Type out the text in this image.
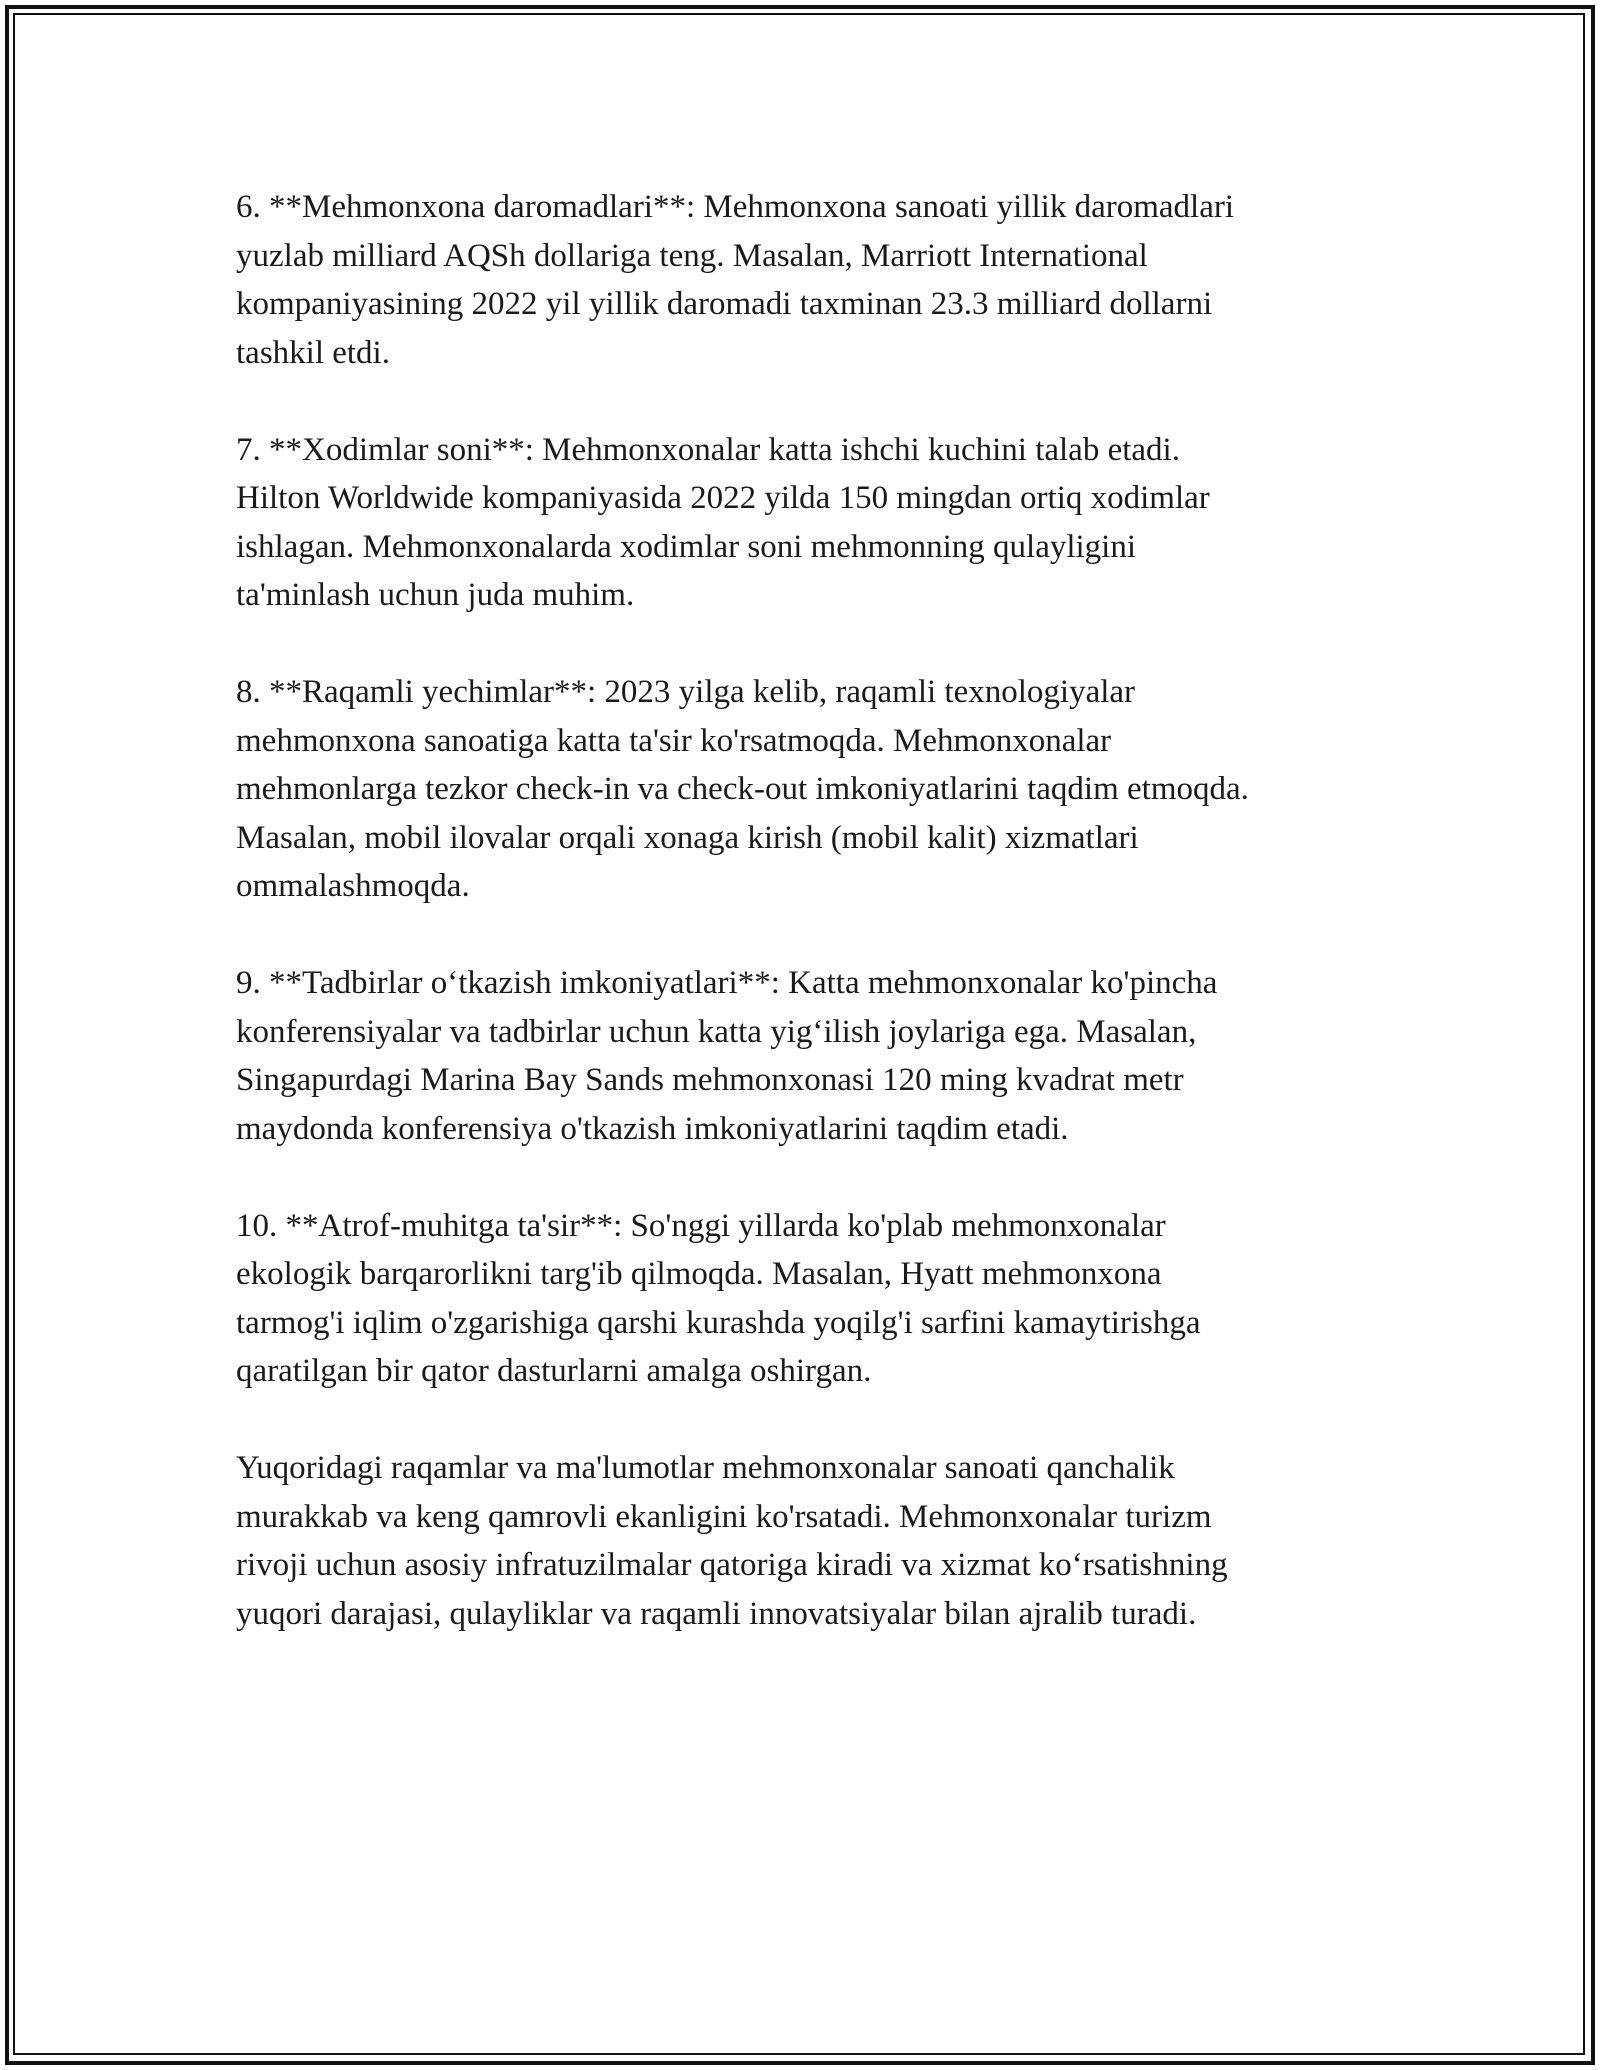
6. **Mehmonxona daromadlari**: Mehmonxona sanoati yillik daromadlari
yuzlab milliard AQSh dollariga teng. Masalan, Marriott International
kompaniyasining 2022 yil yillik daromadi taxminan 23.3 milliard dollarni
tashkil etdi.

7. **Xodimlar soni**: Mehmonxonalar katta ishchi kuchini talab etadi.
Hilton Worldwide kompaniyasida 2022 yilda 150 mingdan ortiq xodimlar
ishlagan. Mehmonxonalarda xodimlar soni mehmonning qulayligini
ta'minlash uchun juda muhim.

8. **Raqamli yechimlar**: 2023 yilga kelib, raqamli texnologiyalar
mehmonxona sanoatiga katta ta'sir ko'rsatmoqda. Mehmonxonalar
mehmonlarga tezkor check-in va check-out imkoniyatlarini taqdim etmoqda.
Masalan, mobil ilovalar orqali xonaga kirish (mobil kalit) xizmatlari
ommalashmoqda.

9. **Tadbirlar o‘tkazish imkoniyatlari**: Katta mehmonxonalar ko'pincha
konferensiyalar va tadbirlar uchun katta yig‘ilish joylariga ega. Masalan,
Singapurdagi Marina Bay Sands mehmonxonasi 120 ming kvadrat metr
maydonda konferensiya o'tkazish imkoniyatlarini taqdim etadi.

10. **Atrof-muhitga ta'sir**: So'nggi yillarda ko'plab mehmonxonalar
ekologik barqarorlikni targ'ib qilmoqda. Masalan, Hyatt mehmonxona
tarmog'i iqlim o'zgarishiga qarshi kurashda yoqilg'i sarfini kamaytirishga
qaratilgan bir qator dasturlarni amalga oshirgan.

Yuqoridagi raqamlar va ma'lumotlar mehmonxonalar sanoati qanchalik
murakkab va keng qamrovli ekanligini ko'rsatadi. Mehmonxonalar turizm
rivoji uchun asosiy infratuzilmalar qatoriga kiradi va xizmat ko‘rsatishning
yuqori darajasi, qulayliklar va raqamli innovatsiyalar bilan ajralib turadi.
